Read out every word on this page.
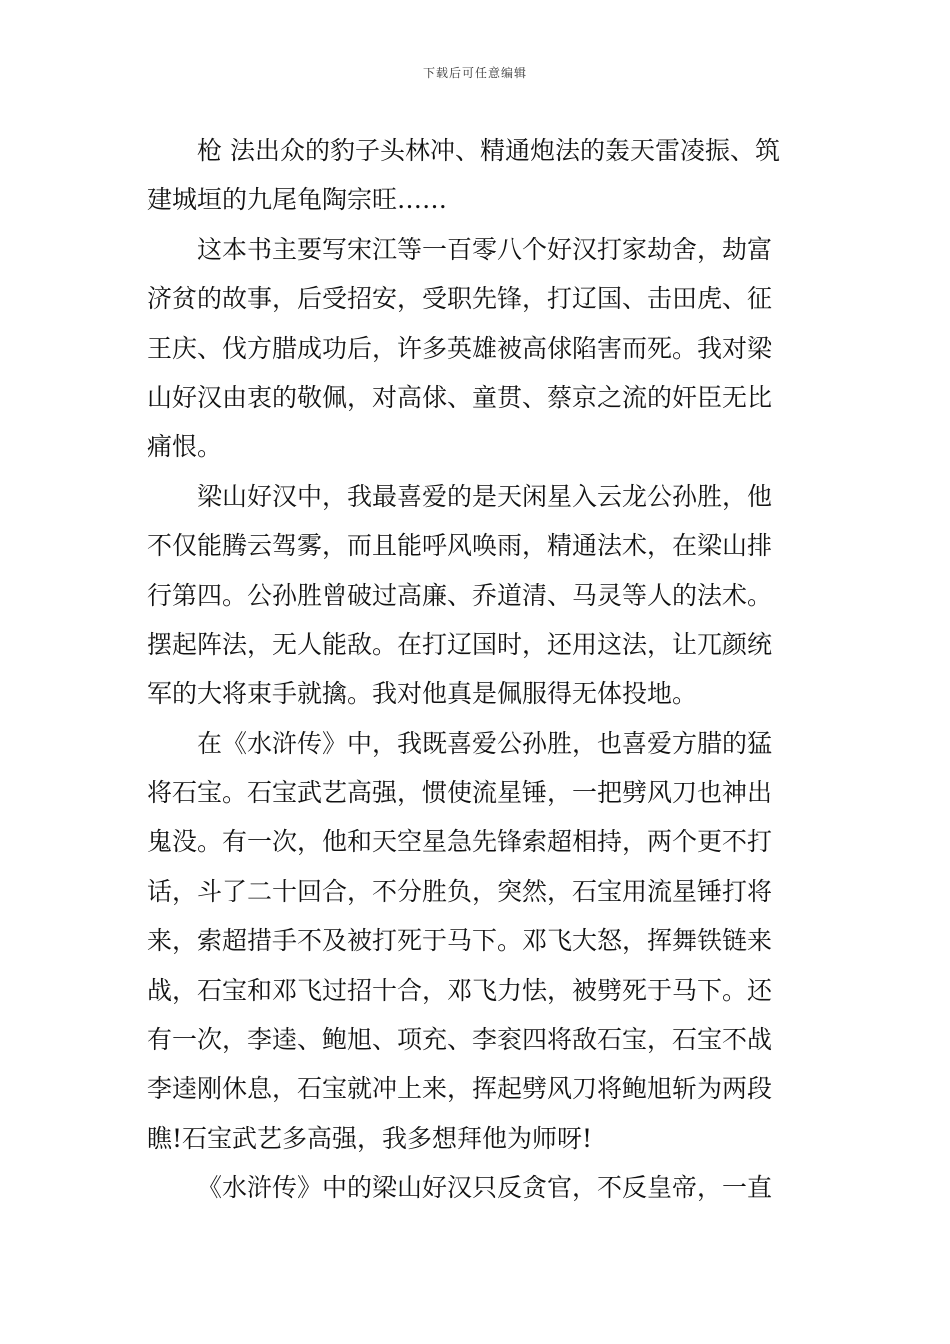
下载后可任意编辑
枪 法出众的豹子头林冲、精通炮法的轰天雷凌振、筑
建城垣的九尾龟陶宗旺……
这本书主要写宋江等一百零八个好汉打家劫舍，劫富
济贫的故事，后受招安，受职先锋，打辽国、击田虎、征
王庆、伐方腊成功后，许多英雄被高俅陷害而死。我对梁
山好汉由衷的敬佩，对高俅、童贯、蔡京之流的奸臣无比
痛恨。
梁山好汉中，我最喜爱的是天闲星入云龙公孙胜，他
不仅能腾云驾雾，而且能呼风唤雨，精通法术，在梁山排
行第四。公孙胜曾破过高廉、乔道清、马灵等人的法术。
摆起阵法，无人能敌。在打辽国时，还用这法，让兀颜统
军的大将束手就擒。我对他真是佩服得无体投地。
在《水浒传》中，我既喜爱公孙胜，也喜爱方腊的猛
将石宝。石宝武艺高强，惯使流星锤，一把劈风刀也神出
鬼没。有一次，他和天空星急先锋索超相持，两个更不打
话，斗了二十回合，不分胜负，突然，石宝用流星锤打将
来，索超措手不及被打死于马下。邓飞大怒，挥舞铁链来
战，石宝和邓飞过招十合，邓飞力怯，被劈死于马下。还
有一次，李逵、鲍旭、项充、李衮四将敌石宝，石宝不战
李逵刚休息，石宝就冲上来，挥起劈风刀将鲍旭斩为两段
瞧!石宝武艺多高强，我多想拜他为师呀!
《水浒传》中的梁山好汉只反贪官，不反皇帝，一直
